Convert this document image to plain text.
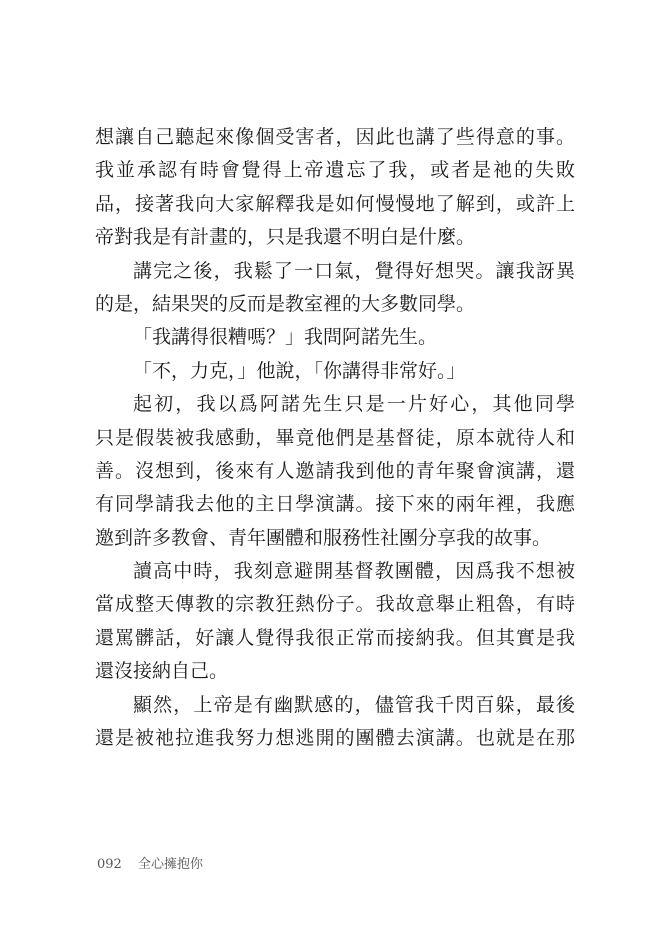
想讓自己聽起來像個受害者，因此也講了些得意的事。
我並承認有時會覺得上帝遺忘了我，或者是祂的失敗
品，接著我向大家解釋我是如何慢慢地了解到，或許上
帝對我是有計畫的，只是我還不明白是什麼。
講完之後，我鬆了一口氣，覺得好想哭。讓我訝異
的是，結果哭的反而是教室裡的大多數同學。
「我講得很糟嗎？」我問阿諾先生。
「不，力克，」他說，「你講得非常好。」
起初，我以爲阿諾先生只是一片好心，其他同學
只是假裝被我感動，畢竟他們是基督徒，原本就待人和
善。沒想到，後來有人邀請我到他的青年聚會演講，還
有同學請我去他的主日學演講。接下來的兩年裡，我應
邀到許多教會、青年團體和服務性社團分享我的故事。
讀高中時，我刻意避開基督教團體，因爲我不想被
當成整天傳教的宗教狂熱份子。我故意舉止粗魯，有時
還罵髒話，好讓人覺得我很正常而接納我。但其實是我
還沒接納自己。
顯然，上帝是有幽默感的，儘管我千閃百躲，最後
還是被祂拉進我努力想逃開的團體去演講。也就是在那
092 全心擁抱你
